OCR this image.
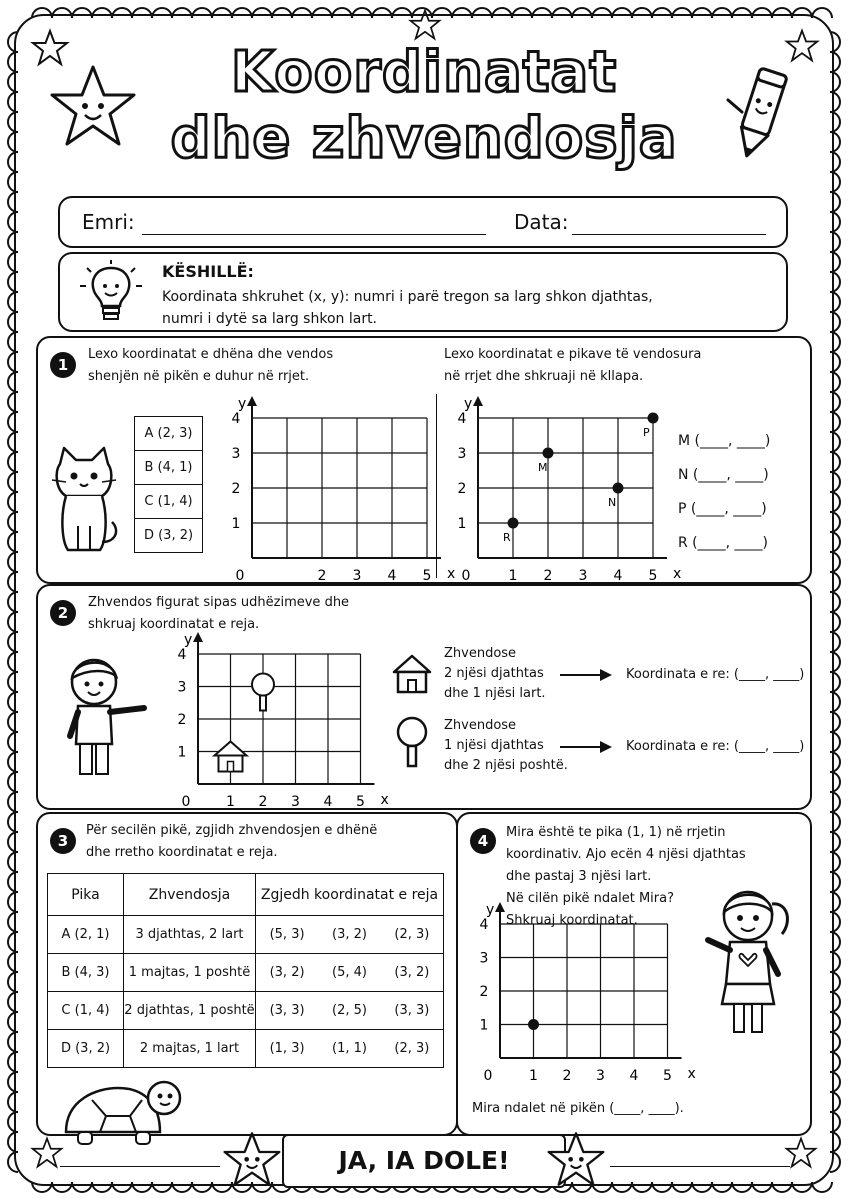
Koordinatat
dhe zhvendosja
Emri:	Data:
KËSHILLË:
Koordinata shkruhet (x, y): numri i parë tregon sa larg shkon djathtas,
numri i dytë sa larg shkon lart.
1
Lexo koordinatat e dhëna dhe vendos
shenjën në pikën e duhur në rrjet.
Lexo koordinatat e pikave të vendosura
në rrjet dhe shkruaji në kllapa.
A (2, 3)
B (4, 1)
C (1, 4)
D (3, 2)
x
y
1
2
3
4
0	2 3 4 5	x
y
1
2
3
4
0	1 2 3 4 5
R
M
N
P
M (____, ____)
N (____, ____)
P (____, ____)
R (____, ____)
2
Zhvendos figurat sipas udhëzimeve dhe
shkruaj koordinatat e reja.
x
y
1
2
3
4
0	1 2 3 4 5
Zhvendose
2 njësi djathtas
dhe 1 njësi lart.
Koordinata e re: (____, ____)
Zhvendose
1 njësi djathtas
dhe 2 njësi poshtë.
Koordinata e re: (____, ____)
3
Për secilën pikë, zgjidh zhvendosjen e dhënë
dhe rretho koordinatat e reja.
Pika	Zhvendosja	Zgjedh koordinatat e reja		
A (2, 1)	3 djathtas, 2 lart	(5, 3)	(3, 2)	(2, 3)
B (4, 3)	1 majtas, 1 poshtë	(3, 2)	(5, 4)	(3, 2)
C (1, 4)	2 djathtas, 1 poshtë	(3, 3)	(2, 5)	(3, 3)
D (3, 2)	2 majtas, 1 lart	(1, 3)	(1, 1)	(2, 3)
4	Mira është te pika (1, 1) në rrjetin
koordinativ. Ajo ecën 4 njësi djathtas
dhe pastaj 3 njësi lart.
Në cilën pikë ndalet Mira?
Shkruaj koordinatat.
x
y
1
2
3
4
0	1 2 3 4 5
Mira ndalet në pikën (____, ____).
JA, IA DOLE!
